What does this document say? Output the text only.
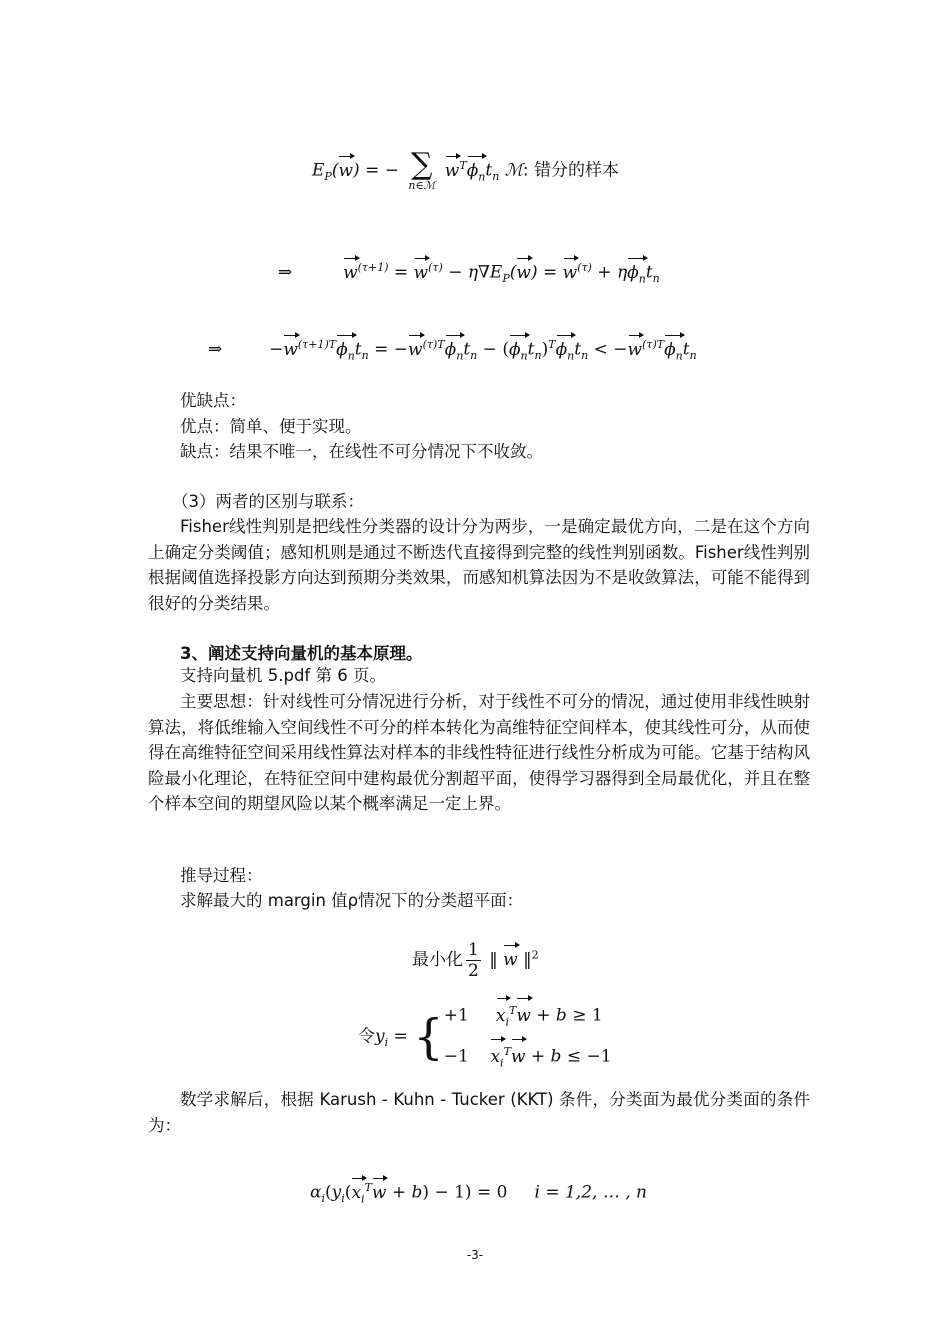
$E_P(w)$ = − ∑
n∈ℳ
$w^T\phi_nt_n$ ℳ: 错分的样本
⇒	$w^{(\tau+1)} = w^{(\tau)} - \eta\nabla E_P(w) = w^{(\tau)} + \eta\phi_nt_n$
⇒	$-w^{(\tau+1)T}\phi_nt_n = -w^{(\tau)T}\phi_nt_n - (\phi_nt_n)^T\phi_nt_n < -w^{(\tau)T}\phi_nt_n$
优缺点：
优点：简单、便于实现。
缺点：结果不唯一，在线性不可分情况下不收敛。
（3）两者的区别与联系：
Fisher线性判别是把线性分类器的设计分为两步，一是确定最优方向，二是在这个方向上确定分类阈值；感知机则是通过不断迭代直接得到完整的线性判别函数。Fisher线性判别根据阈值选择投影方向达到预期分类效果，而感知机算法因为不是收敛算法，可能不能得到很好的分类结果。
3、阐述支持向量机的基本原理。
支持向量机 5.pdf 第 6 页。
主要思想：针对线性可分情况进行分析，对于线性不可分的情况，通过使用非线性映射算法，将低维输入空间线性不可分的样本转化为高维特征空间样本，使其线性可分，从而使得在高维特征空间采用线性算法对样本的非线性特征进行线性分析成为可能。它基于结构风险最小化理论，在特征空间中建构最优分割超平面，使得学习器得到全局最优化，并且在整个样本空间的期望风险以某个概率满足一定上界。
推导过程：
求解最大的 margin 值ρ情况下的分类超平面：
最小化 $\frac{1}{2}$ ‖ w ‖$^2$
令$y_i = \{+1$ $x_i^Tw + b \ge 1$
−1 $x_i^Tw + b \le -1$
数学求解后，根据 Karush - Kuhn - Tucker (KKT) 条件，分类面为最优分类面的条件为：
$\alpha_i(y_i(x_i^Tw + b) - 1) = 0$ i = 1,2, … , n
-3-
